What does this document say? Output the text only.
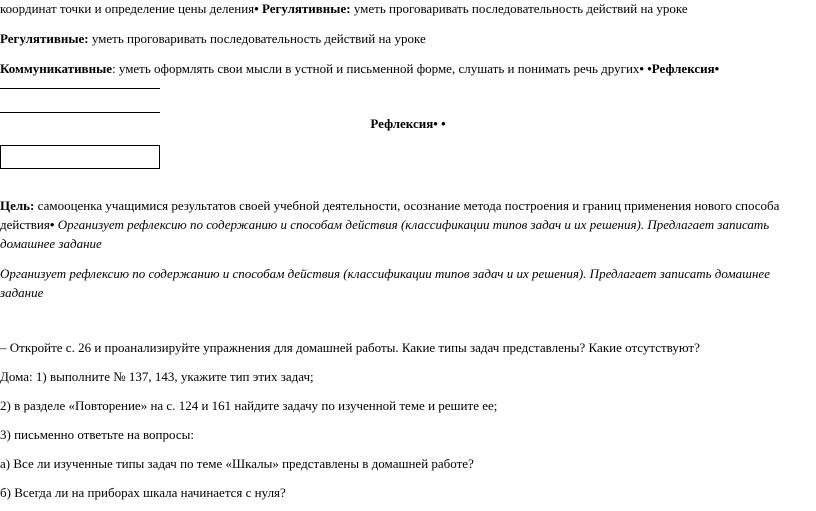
координат точки и определение цены деления• Регулятивные: уметь проговаривать последовательность действий на уроке
Регулятивные: уметь проговаривать последовательность действий на уроке
Коммуникативные: уметь оформлять свои мысли в устной и письменной форме, слушать и понимать речь других• •Рефлексия•
Рефлексия• •
Цель: самооценка учащимися результатов своей учебной деятельности, осознание метода построения и границ применения нового способа действия• Организует рефлексию по содержанию и способам действия (классификации типов задач и их решения). Предлагает записать домашнее задание
Организует рефлексию по содержанию и способам действия (классификации типов задач и их решения). Предлагает записать домашнее задание
– Откройте с. 26 и проанализируйте упражнения для домашней работы. Какие типы задач представлены? Какие отсутствуют?
Дома: 1) выполните № 137, 143, укажите тип этих задач;
2) в разделе «Повторение» на с. 124 и 161 найдите задачу по изученной теме и решите ее;
3) письменно ответьте на вопросы:
а) Все ли изученные типы задач по теме «Шкалы» представлены в домашней работе?
б) Всегда ли на приборах шкала начинается с нуля?
